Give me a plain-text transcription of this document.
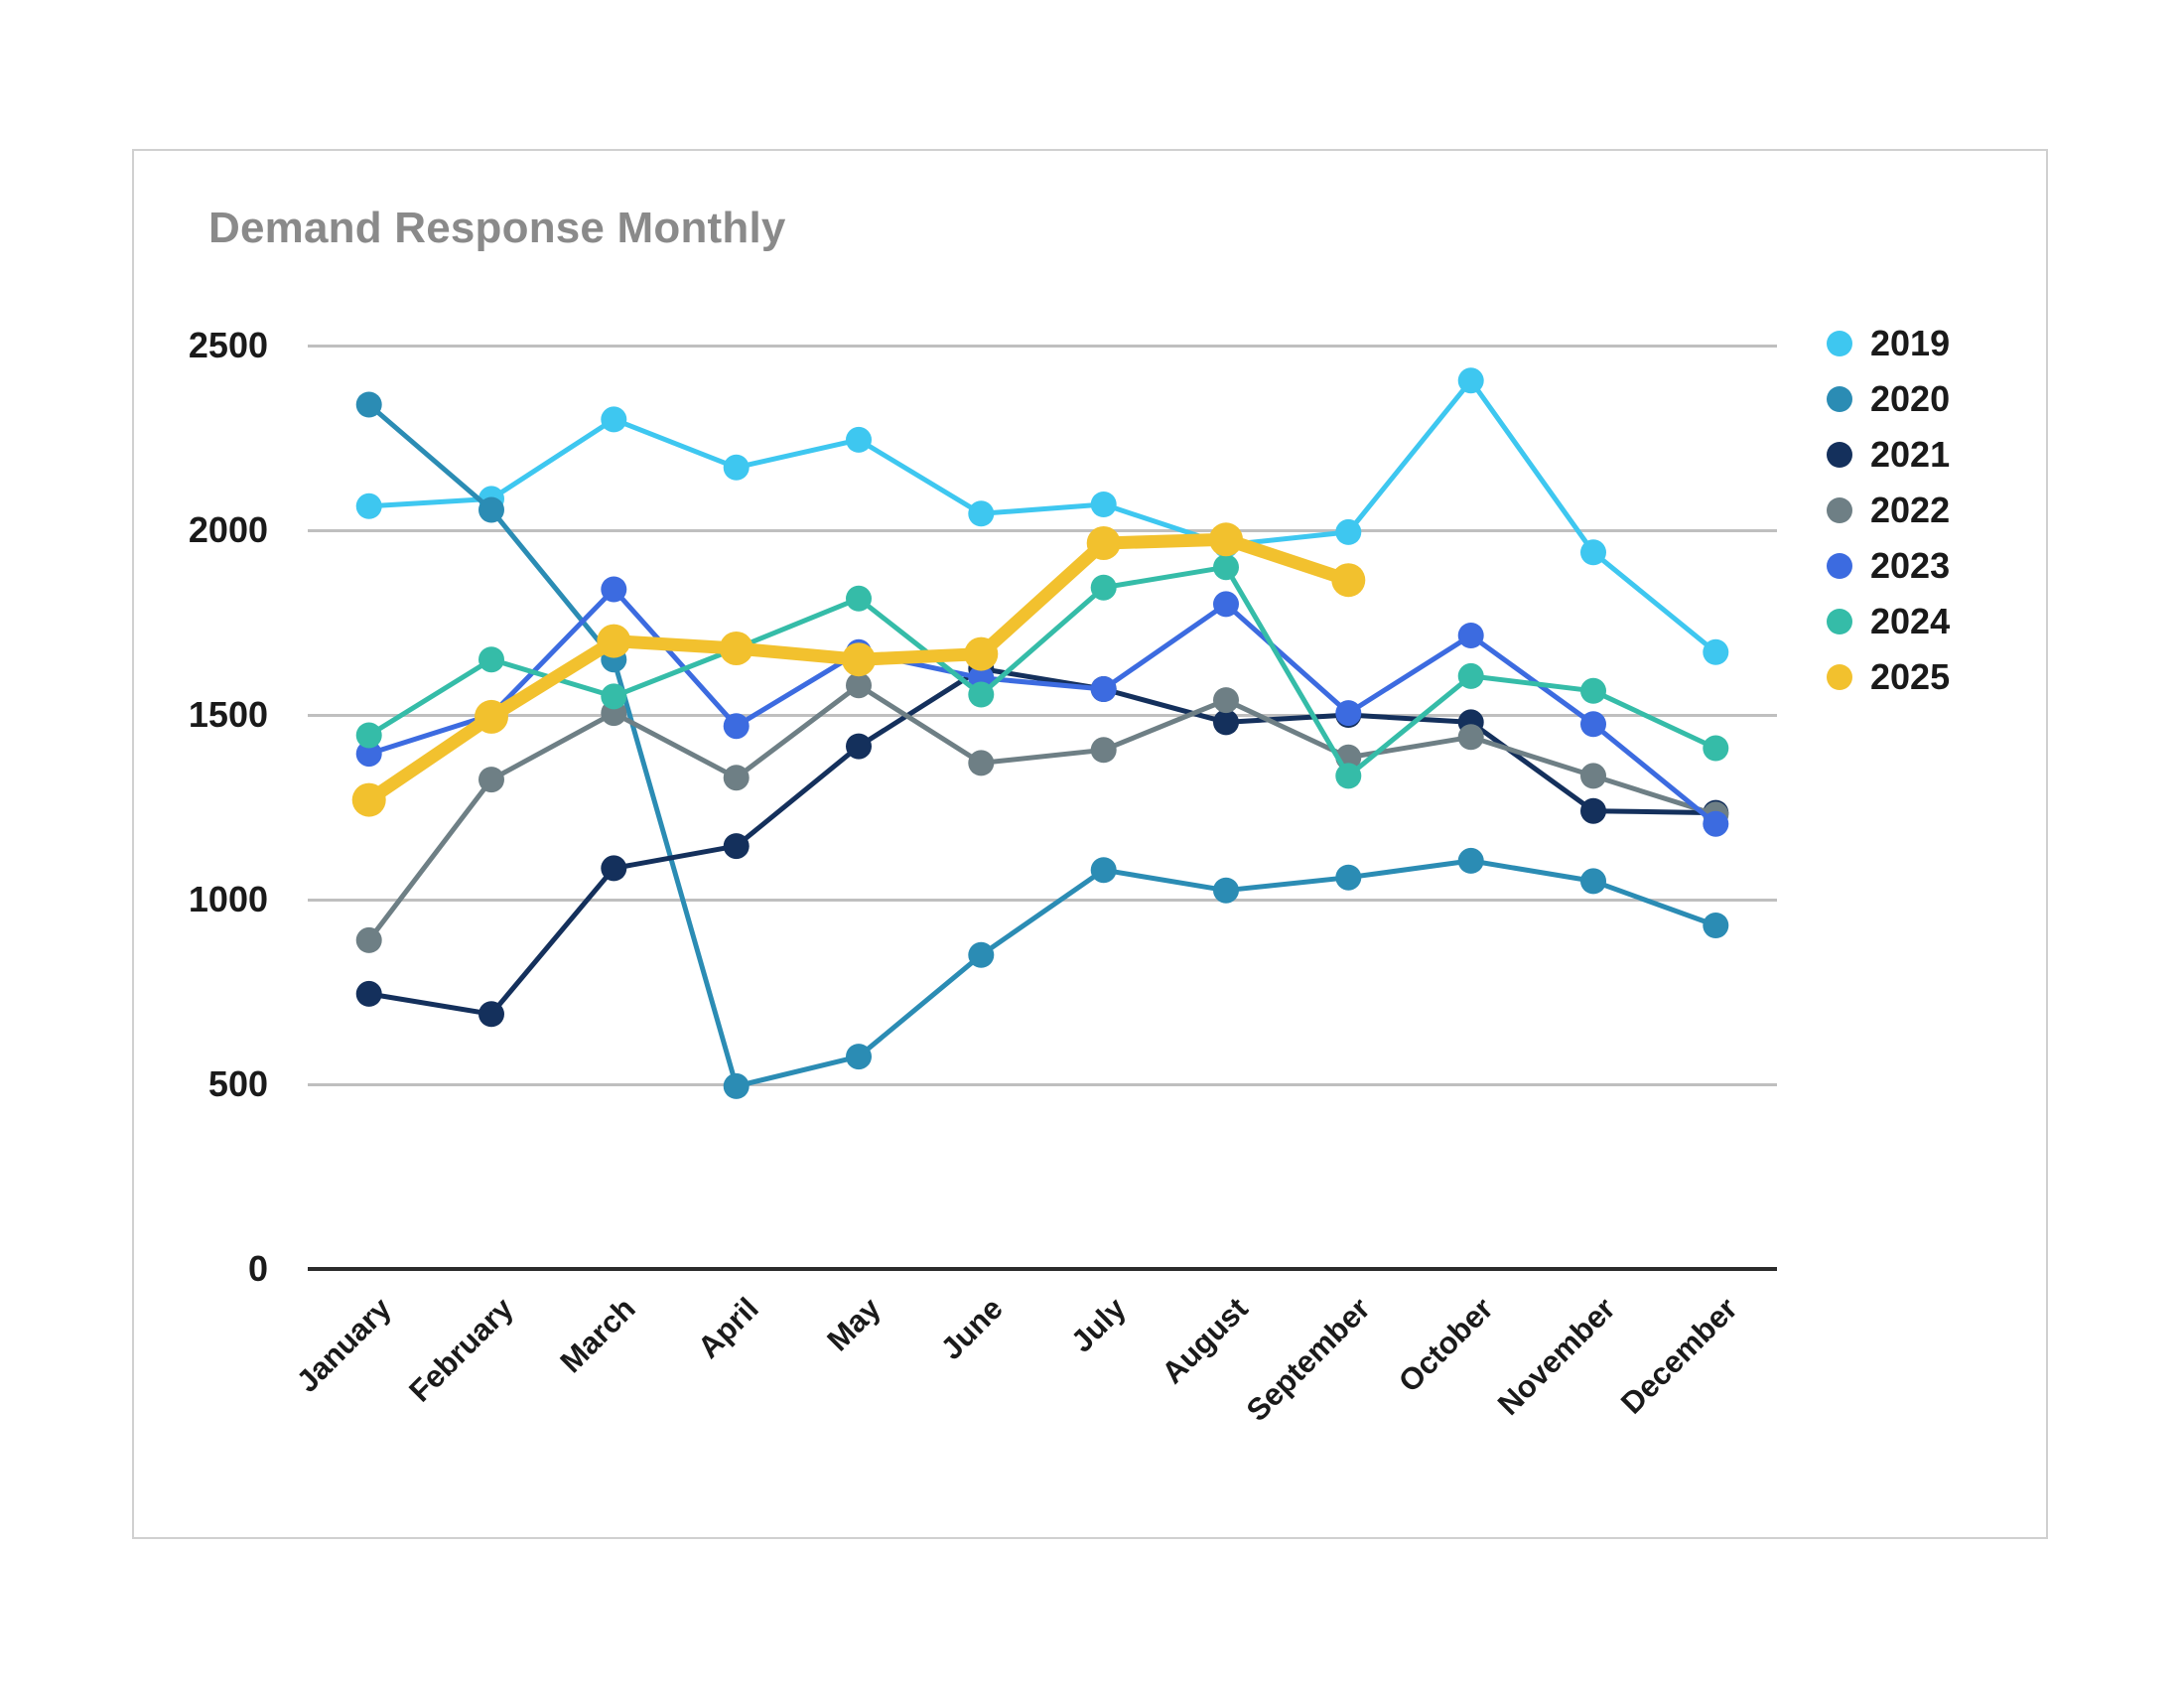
Demand Response Monthly
0
500
1000
1500
2000
2500
January February	March	April	May	June	July August
September October
November
December
2019
2020
2021
2022
2023
2024
2025
